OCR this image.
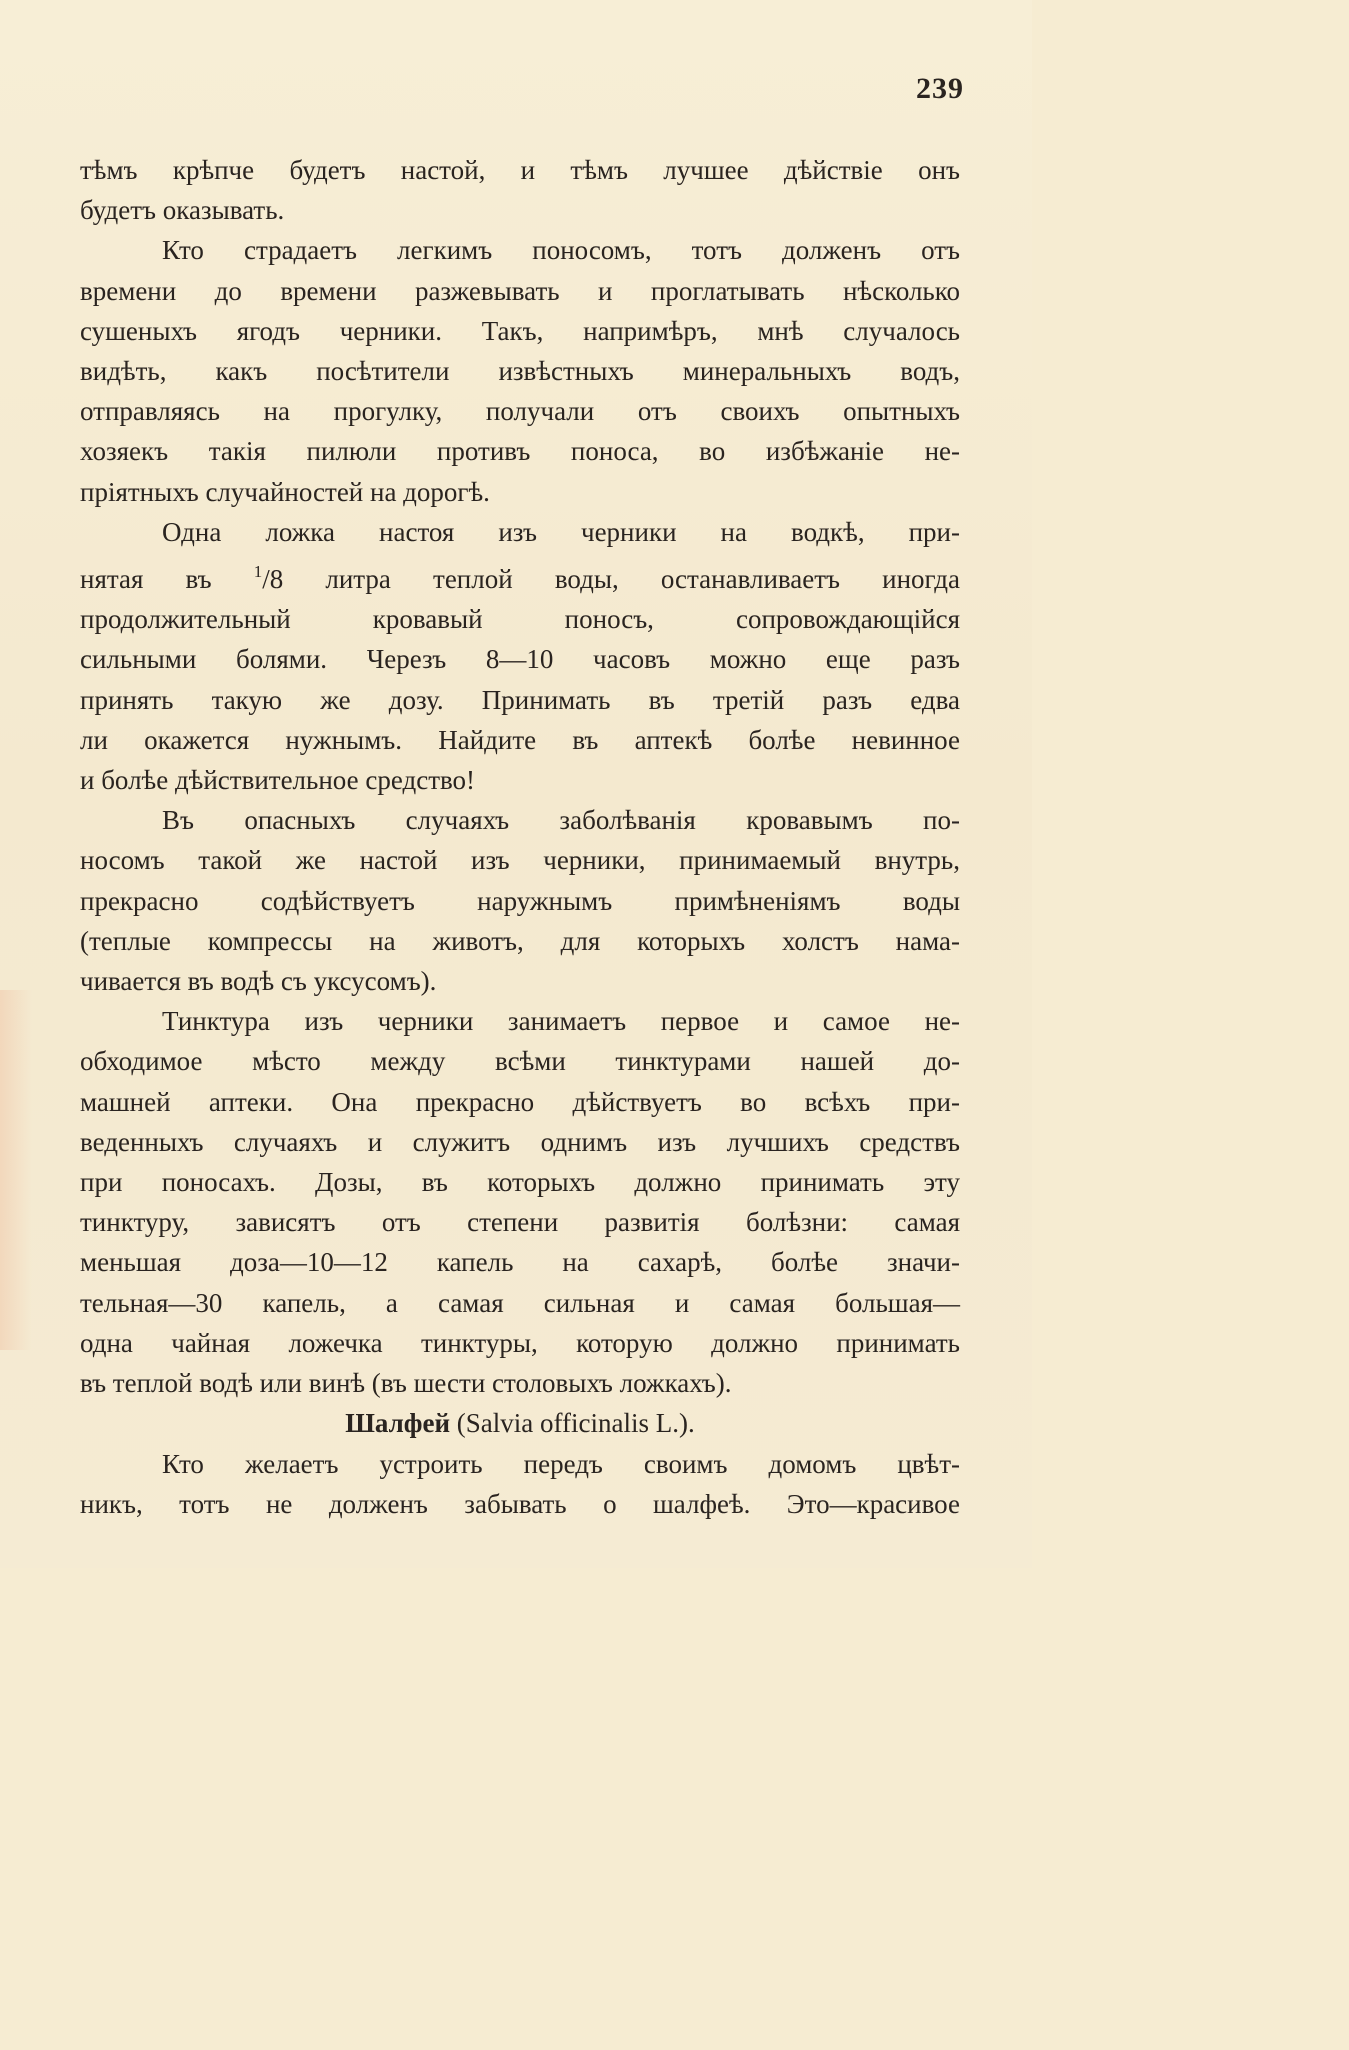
239
тѣмъ крѣпче будетъ настой, и тѣмъ лучшее дѣйствіе онъ
будетъ оказывать.
Кто страдаетъ легкимъ поносомъ, тотъ долженъ отъ
времени до времени разжевывать и проглатывать нѣсколько
сушеныхъ ягодъ черники. Такъ, напримѣръ, мнѣ случалось
видѣть, какъ посѣтители извѣстныхъ минеральныхъ водъ,
отправляясь на прогулку, получали отъ своихъ опытныхъ
хозяекъ такія пилюли противъ поноса, во избѣжаніе не-
пріятныхъ случайностей на дорогѣ.
Одна ложка настоя изъ черники на водкѣ, при-
нятая въ $^1$/8 литра теплой воды, останавливаетъ иногда
продолжительный кровавый поносъ, сопровождающійся
сильными болями. Черезъ 8—10 часовъ можно еще разъ
принять такую же дозу. Принимать въ третій разъ едва
ли окажется нужнымъ. Найдите въ аптекѣ болѣе невинное
и болѣе дѣйствительное средство!
Въ опасныхъ случаяхъ заболѣванія кровавымъ по-
носомъ такой же настой изъ черники, принимаемый внутрь,
прекрасно содѣйствуетъ наружнымъ примѣненіямъ воды
(теплые компрессы на животъ, для которыхъ холстъ нама-
чивается въ водѣ съ уксусомъ).
Тинктура изъ черники занимаетъ первое и самое не-
обходимое мѣсто между всѣми тинктурами нашей до-
машней аптеки. Она прекрасно дѣйствуетъ во всѣхъ при-
веденныхъ случаяхъ и служитъ однимъ изъ лучшихъ средствъ
при поносахъ. Дозы, въ которыхъ должно принимать эту
тинктуру, зависятъ отъ степени развитія болѣзни: самая
меньшая доза—10—12 капель на сахарѣ, болѣе значи-
тельная—30 капель, а самая сильная и самая большая—
одна чайная ложечка тинктуры, которую должно принимать
въ теплой водѣ или винѣ (въ шести столовыхъ ложкахъ).
Шалфей (Salvia officinalis L.).
Кто желаетъ устроить передъ своимъ домомъ цвѣт-
никъ, тотъ не долженъ забывать о шалфеѣ. Это—красивое
